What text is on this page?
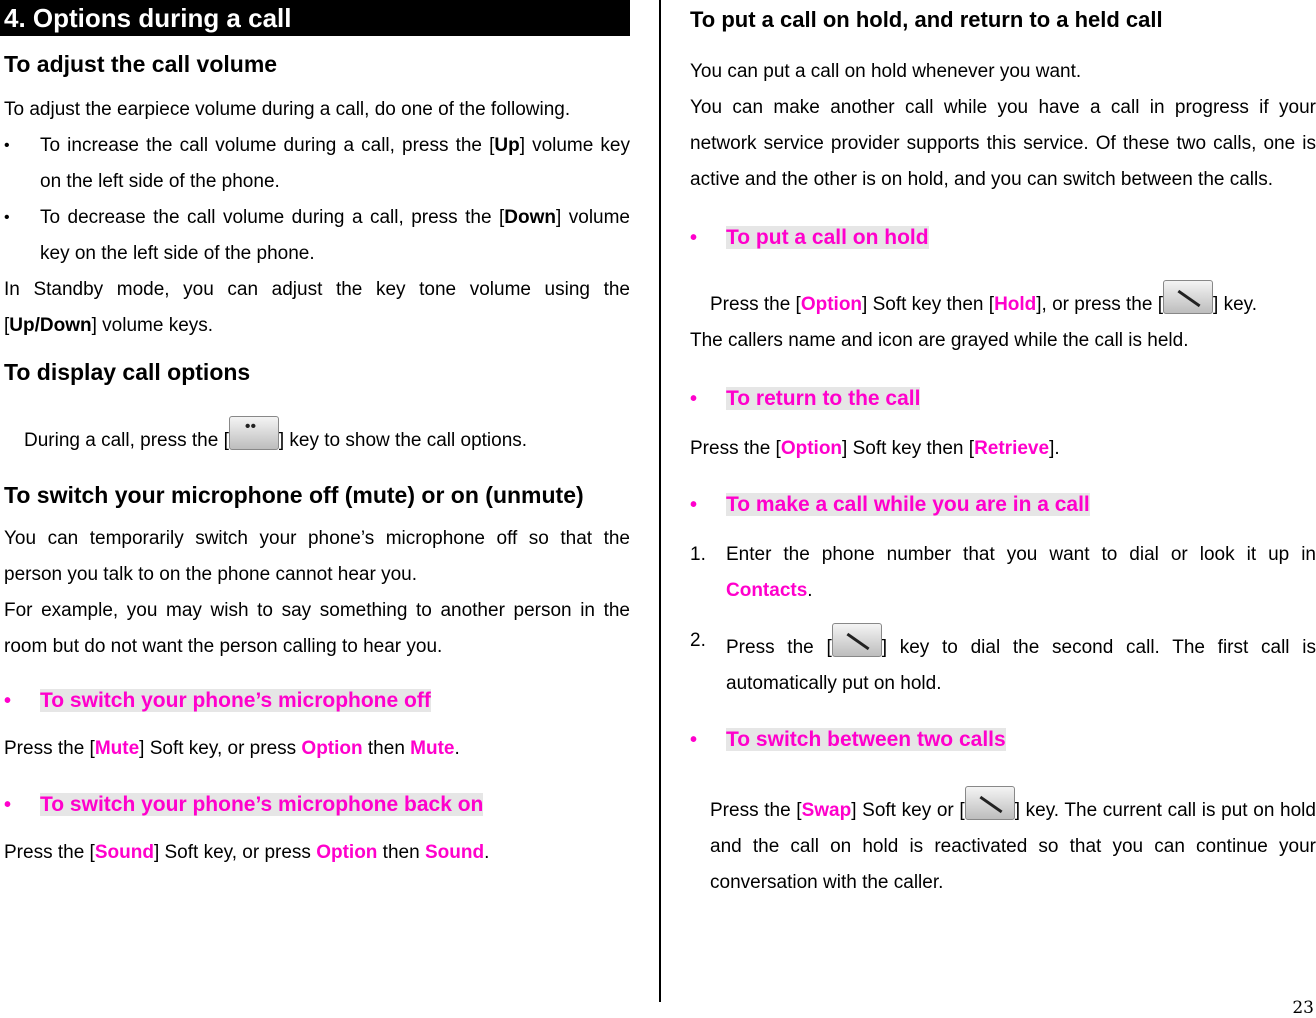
4. Options during a call
To adjust the call volume

To adjust the earpiece volume during a call, do one of the following.

• To increase the call volume during a call, press the [Up] volume key on the left side of the phone.
• To decrease the call volume during a call, press the [Down] volume key on the left side of the phone.

In Standby mode, you can adjust the key tone volume using the [Up/Down] volume keys.

To display call options

During a call, press the [••	] key to show the call options.

To switch your microphone off (mute) or on (unmute)

You can temporarily switch your phone’s microphone off so that the person you talk to on the phone cannot hear you.

For example, you may wish to say something to another person in the room but do not want the person calling to hear you.

• To switch your phone’s microphone off

Press the [Mute] Soft key, or press Option then Mute.

• To switch your phone’s microphone back on

Press the [Sound] Soft key, or press Option then Sound.

To put a call on hold, and return to a held call

You can put a call on hold whenever you want.

You can make another call while you have a call in progress if your network service provider supports this service. Of these two calls, one is active and the other is on hold, and you can switch between the calls.

• To put a call on hold

Press the [Option] Soft key then [Hold], or press the [	] key.

The callers name and icon are grayed while the call is held.

• To return to the call

Press the [Option] Soft key then [Retrieve].

• To make a call while you are in a call
1. Enter the phone number that you want to dial or look it up in Contacts.
2. Press the [	] key to dial the second call. The first call is automatically put on hold.
• To switch between two calls

Press the [Swap] Soft key or [	] key. The current call is put on hold and the call on hold is reactivated so that you can continue your conversation with the caller.

23
